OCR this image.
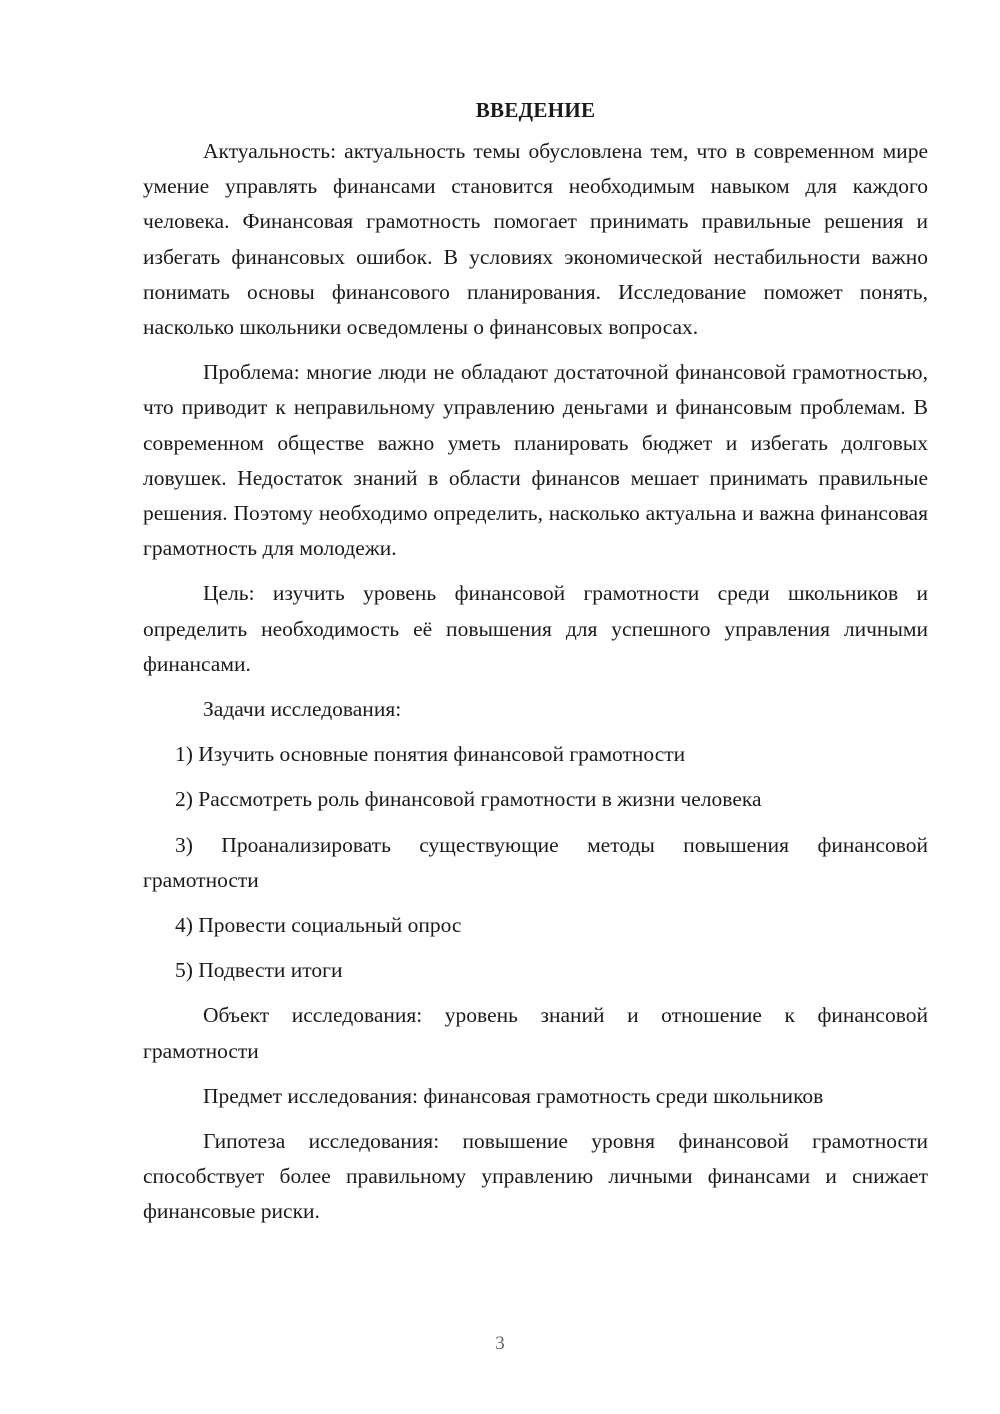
ВВЕДЕНИЕ

Актуальность: актуальность темы обусловлена тем, что в современном мире умение управлять финансами становится необходимым навыком для каждого человека. Финансовая грамотность помогает принимать правильные решения и избегать финансовых ошибок. В условиях экономической нестабильности важно понимать основы финансового планирования. Исследование поможет понять, насколько школьники осведомлены о финансовых вопросах.

Проблема: многие люди не обладают достаточной финансовой грамотностью, что приводит к неправильному управлению деньгами и финансовым проблемам. В современном обществе важно уметь планировать бюджет и избегать долговых ловушек. Недостаток знаний в области финансов мешает принимать правильные решения. Поэтому необходимо определить, насколько актуальна и важна финансовая грамотность для молодежи.

Цель: изучить уровень финансовой грамотности среди школьников и определить необходимость её повышения для успешного управления личными финансами.

Задачи исследования:

1) Изучить основные понятия финансовой грамотности

2) Рассмотреть роль финансовой грамотности в жизни человека

3) Проанализировать существующие методы повышения финансовой грамотности

4) Провести социальный опрос

5) Подвести итоги

Объект исследования: уровень знаний и отношение к финансовой грамотности

Предмет исследования: финансовая грамотность среди школьников

Гипотеза исследования: повышение уровня финансовой грамотности способствует более правильному управлению личными финансами и снижает финансовые риски.

3
